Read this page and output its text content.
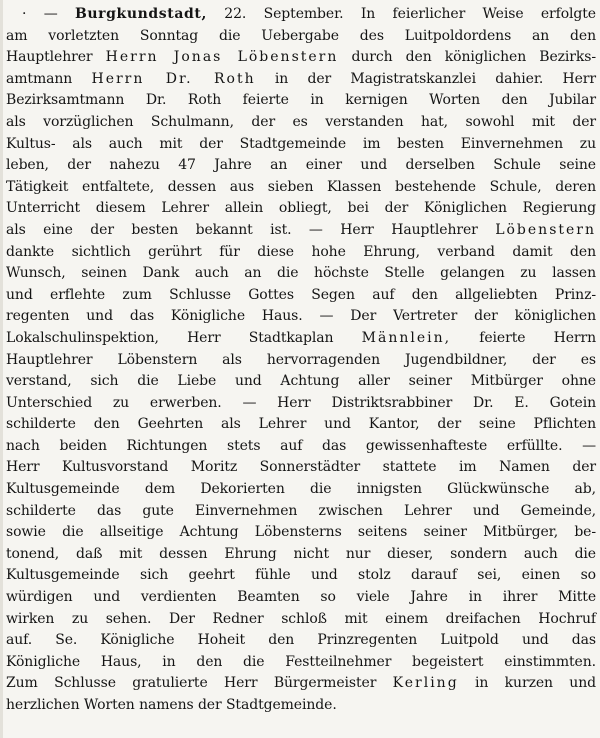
· — Burgkundstadt, 22. September. In feierlicher Weise erfolgte
am vorletzten Sonntag die Uebergabe des Luitpoldordens an den
Hauptlehrer Herrn Jonas Löbenstern durch den königlichen Bezirks-
amtmann Herrn Dr. Roth in der Magistratskanzlei dahier. Herr
Bezirksamtmann Dr. Roth feierte in kernigen Worten den Jubilar
als vorzüglichen Schulmann, der es verstanden hat, sowohl mit der
Kultus- als auch mit der Stadtgemeinde im besten Einvernehmen zu
leben, der nahezu 47 Jahre an einer und derselben Schule seine
Tätigkeit entfaltete, dessen aus sieben Klassen bestehende Schule, deren
Unterricht diesem Lehrer allein obliegt, bei der Königlichen Regierung
als eine der besten bekannt ist. — Herr Hauptlehrer Löbenstern
dankte sichtlich gerührt für diese hohe Ehrung, verband damit den
Wunsch, seinen Dank auch an die höchste Stelle gelangen zu lassen
und erflehte zum Schlusse Gottes Segen auf den allgeliebten Prinz-
regenten und das Königliche Haus. — Der Vertreter der königlichen
Lokalschulinspektion, Herr Stadtkaplan Männlein, feierte Herrn
Hauptlehrer Löbenstern als hervorragenden Jugendbildner, der es
verstand, sich die Liebe und Achtung aller seiner Mitbürger ohne
Unterschied zu erwerben. — Herr Distriktsrabbiner Dr. E. Gotein
schilderte den Geehrten als Lehrer und Kantor, der seine Pflichten
nach beiden Richtungen stets auf das gewissenhafteste erfüllte. —
Herr Kultusvorstand Moritz Sonnerstädter stattete im Namen der
Kultusgemeinde dem Dekorierten die innigsten Glückwünsche ab,
schilderte das gute Einvernehmen zwischen Lehrer und Gemeinde,
sowie die allseitige Achtung Löbensterns seitens seiner Mitbürger, be-
tonend, daß mit dessen Ehrung nicht nur dieser, sondern auch die
Kultusgemeinde sich geehrt fühle und stolz darauf sei, einen so
würdigen und verdienten Beamten so viele Jahre in ihrer Mitte
wirken zu sehen. Der Redner schloß mit einem dreifachen Hochruf
auf. Se. Königliche Hoheit den Prinzregenten Luitpold und das
Königliche Haus, in den die Festteilnehmer begeistert einstimmten.
Zum Schlusse gratulierte Herr Bürgermeister Kerling in kurzen und
herzlichen Worten namens der Stadtgemeinde.
